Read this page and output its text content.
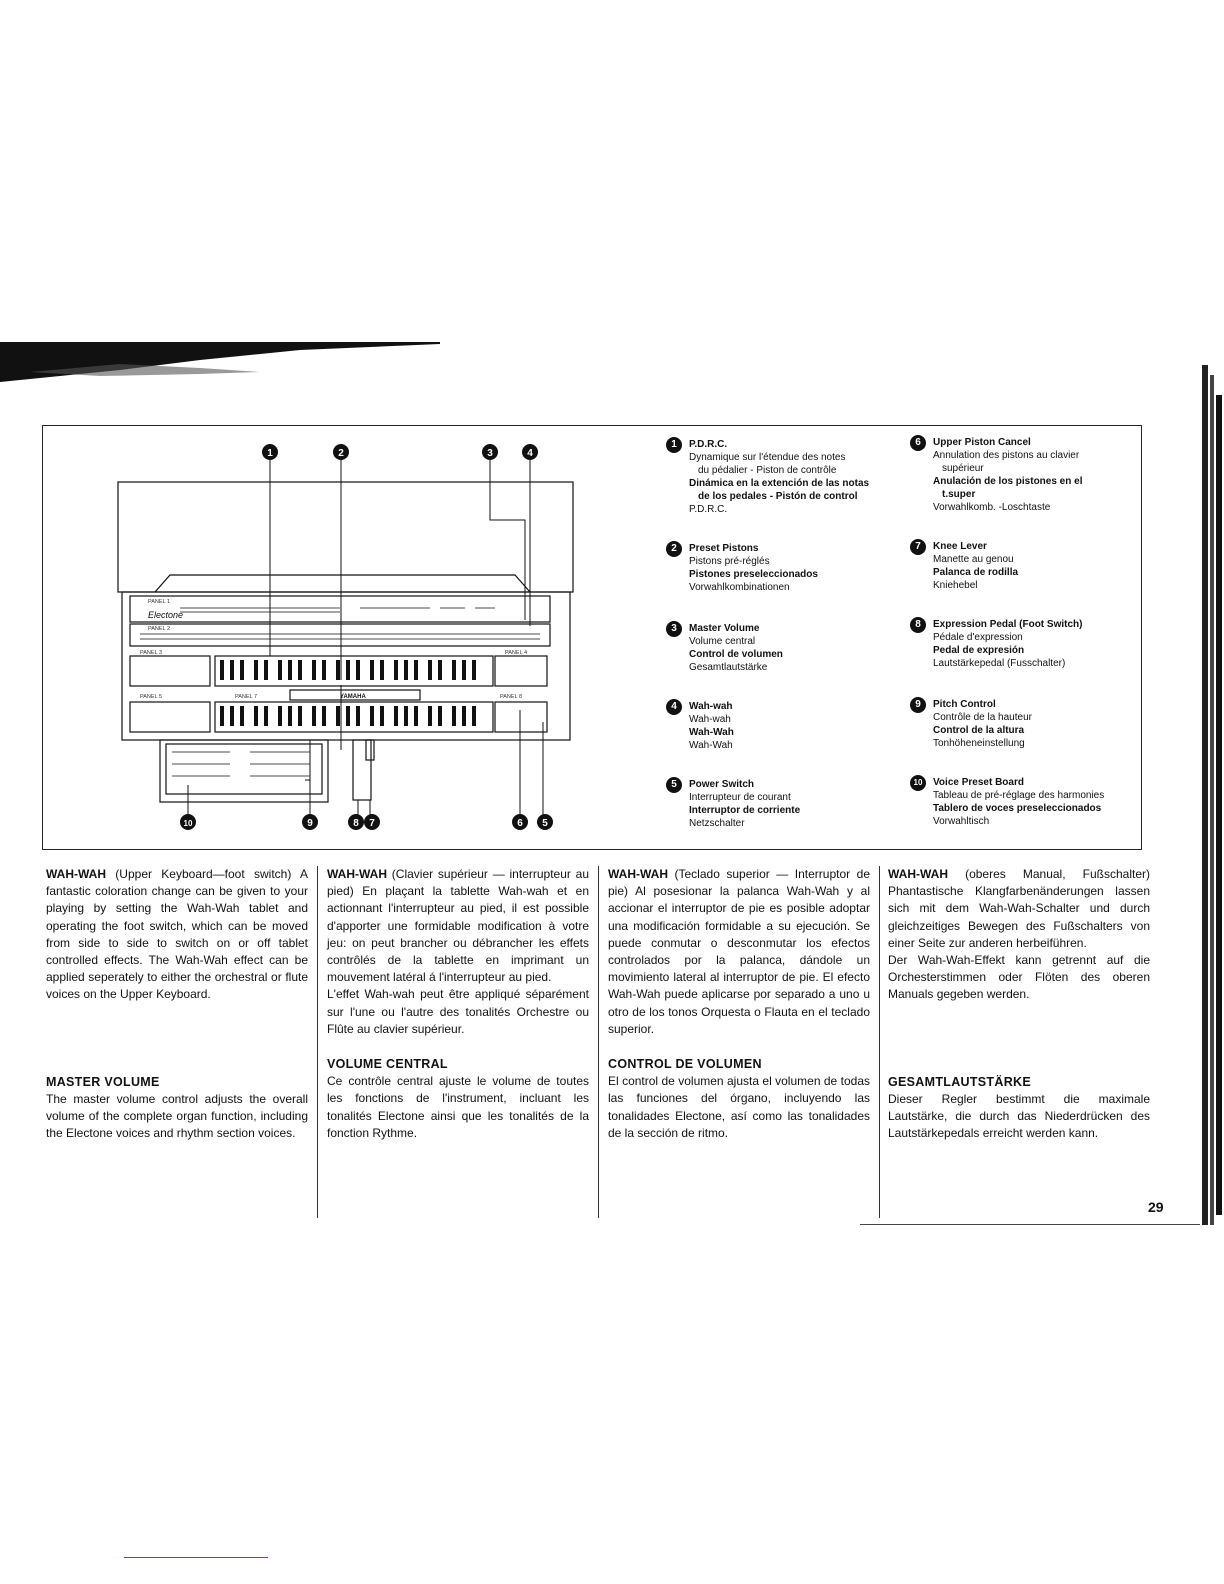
PANEL 1
PANEL 2
PANEL 3	PANEL 4
PANEL 5	PANEL 7	PANEL 8
Electone
YAMAHA
1	2	3	4
5
6
7
8
9
10
1	P.D.R.C.
Dynamique sur l'étendue des notes
du pédalier - Piston de contrôle
Dinámica en la extención de las notas
de los pedales - Pistón de control
P.D.R.C.
2	Preset Pistons
Pistons pré-réglés
Pistones preseleccionados
Vorwahlkombinationen
3	Master Volume
Volume central
Control de volumen
Gesamtlautstärke
4	Wah-wah
Wah-wah
Wah-Wah
Wah-Wah
5	Power Switch
Interrupteur de courant
Interruptor de corriente
Netzschalter
6	Upper Piston Cancel
Annulation des pistons au clavier
supérieur
Anulación de los pistones en el
t.super
Vorwahlkomb. -Loschtaste
7	Knee Lever
Manette au genou
Palanca de rodilla
Kniehebel
8	Expression Pedal (Foot Switch)
Pédale d'expression
Pedal de expresión
Lautstärkepedal (Fusschalter)
9	Pitch Control
Contrôle de la hauteur
Control de la altura
Tonhöheneinstellung
10	Voice Preset Board
Tableau de pré-réglage des harmonies
Tablero de voces preseleccionados
Vorwahltisch
WAH-WAH (Upper Keyboard—foot switch) A fantastic coloration change can be given to your playing by setting the Wah-Wah tablet and operating the foot switch, which can be moved from side to side to switch on or off tablet controlled effects. The Wah-Wah effect can be applied seperately to either the orchestral or flute voices on the Upper Keyboard.
MASTER VOLUME
The master volume control adjusts the overall volume of the complete organ function, including the Electone voices and rhythm section voices.
WAH-WAH (Clavier supérieur — interrupteur au pied) En plaçant la tablette Wah-wah et en actionnant l'interrupteur au pied, il est possible d'apporter une formidable modification à votre jeu: on peut brancher ou débrancher les effets contrôlés de la tablette en imprimant un mouvement latéral á l'interrupteur au pied.
L'effet Wah-wah peut être appliqué séparément sur l'une ou l'autre des tonalités Orchestre ou Flûte au clavier supérieur.
VOLUME CENTRAL
Ce contrôle central ajuste le volume de toutes les fonctions de l'instrument, incluant les tonalités Electone ainsi que les tonalités de la fonction Rythme.
WAH-WAH (Teclado superior — Interruptor de pie) Al posesionar la palanca Wah-Wah y al accionar el interruptor de pie es posible adoptar una modificación formidable a su ejecución. Se puede conmutar o desconmutar los efectos controlados por la palanca, dándole un movimiento lateral al interruptor de pie. El efecto Wah-Wah puede aplicarse por separado a uno u otro de los tonos Orquesta o Flauta en el teclado superior.
CONTROL DE VOLUMEN
El control de volumen ajusta el volumen de todas las funciones del órgano, incluyendo las tonalidades Electone, así como las tonalidades de la sección de ritmo.
WAH-WAH (oberes Manual, Fußschalter) Phantastische Klangfarbenänderungen lassen sich mit dem Wah-Wah-Schalter und durch gleichzeitiges Bewegen des Fußschalters von einer Seite zur anderen herbeiführen.
Der Wah-Wah-Effekt kann getrennt auf die Orchesterstimmen oder Flöten des oberen Manuals gegeben werden.
GESAMTLAUTSTÄRKE
Dieser Regler bestimmt die maximale Lautstärke, die durch das Niederdrücken des Lautstärkepedals erreicht werden kann.
29
